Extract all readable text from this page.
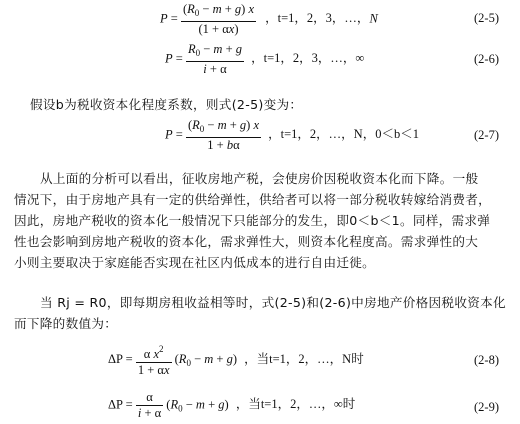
$P = \frac{(R_0 - m + g) x}{(1 + \alpha x)}$ ，t=1，2，3，…，N	(2-5)
$P = \frac{R_0 - m + g}{i + \alpha}$ ，t=1，2，3，…，∞	(2-6)
假设b为税收资本化程度系数，则式(2-5)变为：
$P = \frac{(R_0 - m + g) x}{1 + b\alpha}$ ，t=1，2，…，N，0＜b＜1	(2-7)
从上面的分析可以看出，征收房地产税，会使房价因税收资本化而下降。一般
情况下，由于房地产具有一定的供给弹性，供给者可以将一部分税收转嫁给消费者，
因此，房地产税收的资本化一般情况下只能部分的发生，即0＜b＜1。同样，需求弹
性也会影响到房地产税收的资本化，需求弹性大，则资本化程度高。需求弹性的大
小则主要取决于家庭能否实现在社区内低成本的进行自由迁徙。
当 Rj = R0，即每期房租收益相等时，式(2-5)和(2-6)中房地产价格因税收资本化
而下降的数值为：
$\Delta P = \frac{\alpha x^2}{1 + \alpha x} (R_0 - m + g)$ ，当t=1，2，…，N时	(2-8)
$\Delta P = \frac{\alpha}{i + \alpha} (R_0 - m + g)$ ，当t=1，2，…，∞时	(2-9)
